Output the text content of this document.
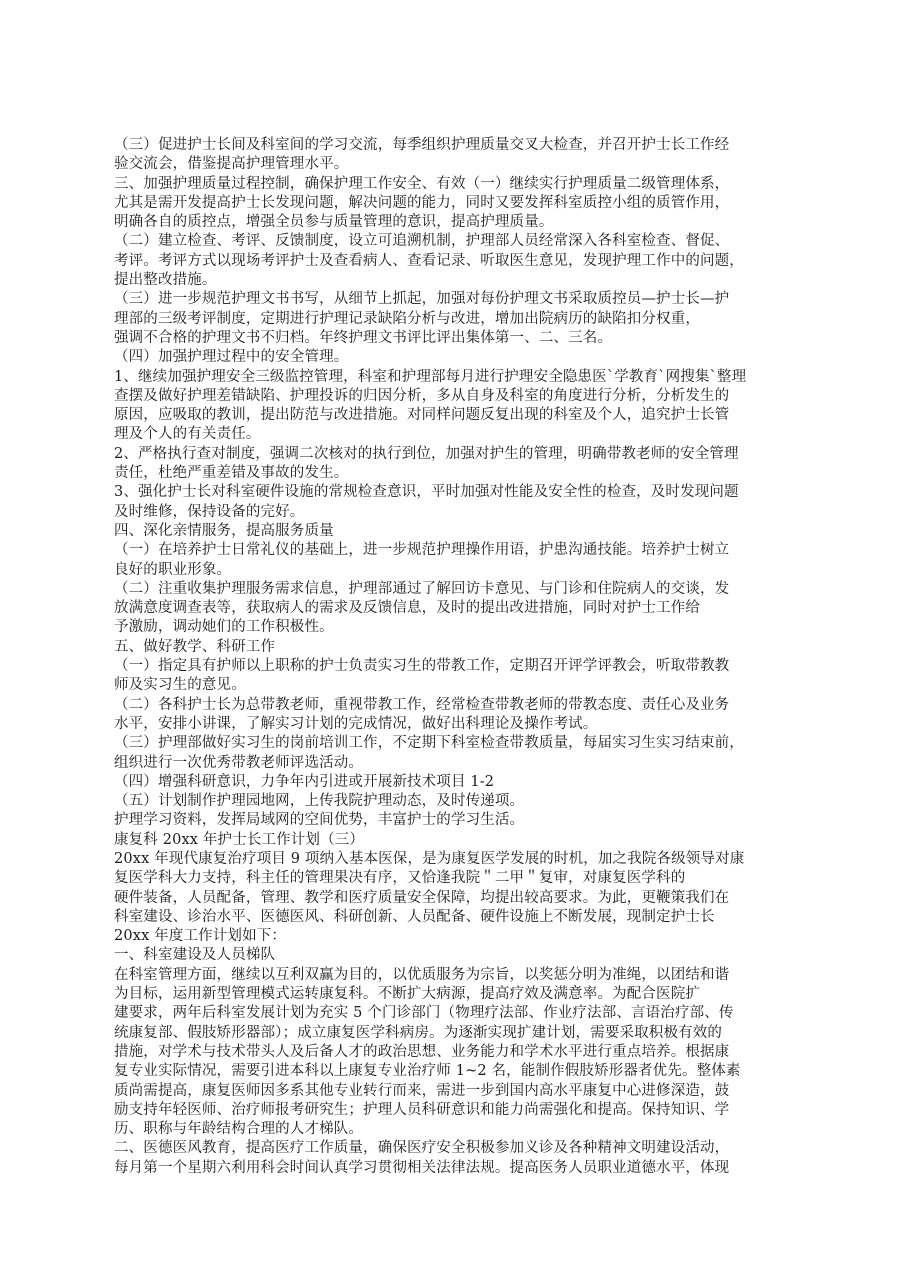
（三）促进护士长间及科室间的学习交流，每季组织护理质量交叉大检查，并召开护士长工作经
验交流会，借鉴提高护理管理水平。
三、加强护理质量过程控制，确保护理工作安全、有效（一）继续实行护理质量二级管理体系，
尤其是需开发提高护士长发现问题，解决问题的能力，同时又要发挥科室质控小组的质管作用，
明确各自的质控点，增强全员参与质量管理的意识，提高护理质量。
（二）建立检查、考评、反馈制度，设立可追溯机制，护理部人员经常深入各科室检查、督促、
考评。考评方式以现场考评护士及查看病人、查看记录、听取医生意见，发现护理工作中的问题，
提出整改措施。
（三）进一步规范护理文书书写，从细节上抓起，加强对每份护理文书采取质控员—护士长—护
理部的三级考评制度，定期进行护理记录缺陷分析与改进，增加出院病历的缺陷扣分权重，
强调不合格的护理文书不归档。年终护理文书评比评出集体第一、二、三名。
（四）加强护理过程中的安全管理。
1、继续加强护理安全三级监控管理，科室和护理部每月进行护理安全隐患医`学教育`网搜集`整理
查摆及做好护理差错缺陷、护理投诉的归因分析，多从自身及科室的角度进行分析，分析发生的
原因，应吸取的教训，提出防范与改进措施。对同样问题反复出现的科室及个人，追究护士长管
理及个人的有关责任。
2、严格执行查对制度，强调二次核对的执行到位，加强对护生的管理，明确带教老师的安全管理
责任，杜绝严重差错及事故的发生。
3、强化护士长对科室硬件设施的常规检查意识，平时加强对性能及安全性的检查，及时发现问题
及时维修，保持设备的完好。
四、深化亲情服务，提高服务质量
（一）在培养护士日常礼仪的基础上，进一步规范护理操作用语，护患沟通技能。培养护士树立
良好的职业形象。
（二）注重收集护理服务需求信息，护理部通过了解回访卡意见、与门诊和住院病人的交谈，发
放满意度调查表等，获取病人的需求及反馈信息，及时的提出改进措施，同时对护士工作给
予激励，调动她们的工作积极性。
五、做好教学、科研工作
（一）指定具有护师以上职称的护士负责实习生的带教工作，定期召开评学评教会，听取带教教
师及实习生的意见。
（二）各科护士长为总带教老师，重视带教工作，经常检查带教老师的带教态度、责任心及业务
水平，安排小讲课，了解实习计划的完成情况，做好出科理论及操作考试。
（三）护理部做好实习生的岗前培训工作，不定期下科室检查带教质量，每届实习生实习结束前，
组织进行一次优秀带教老师评选活动。
（四）增强科研意识，力争年内引进或开展新技术项目 1-2
（五）计划制作护理园地网，上传我院护理动态，及时传递项。
护理学习资料，发挥局域网的空间优势，丰富护士的学习生活。
康复科 20xx 年护士长工作计划（三）
20xx 年现代康复治疗项目 9 项纳入基本医保，是为康复医学发展的时机，加之我院各级领导对康
复医学科大力支持，科主任的管理果决有序，又恰逢我院＂二甲＂复审，对康复医学科的
硬件装备，人员配备，管理、教学和医疗质量安全保障，均提出较高要求。为此，更鞭策我们在
科室建设、诊治水平、医德医风、科研创新、人员配备、硬件设施上不断发展，现制定护士长
20xx 年度工作计划如下：
一、科室建设及人员梯队
在科室管理方面，继续以互利双赢为目的，以优质服务为宗旨，以奖惩分明为准绳，以团结和谐
为目标，运用新型管理模式运转康复科。不断扩大病源，提高疗效及满意率。为配合医院扩
建要求，两年后科室发展计划为充实 5 个门诊部门（物理疗法部、作业疗法部、言语治疗部、传
统康复部、假肢矫形器部）；成立康复医学科病房。为逐渐实现扩建计划，需要采取积极有效的
措施，对学术与技术带头人及后备人才的政治思想、业务能力和学术水平进行重点培养。根据康
复专业实际情况，需要引进本科以上康复专业治疗师 1~2 名，能制作假肢矫形器者优先。整体素
质尚需提高，康复医师因多系其他专业转行而来，需进一步到国内高水平康复中心进修深造，鼓
励支持年轻医师、治疗师报考研究生；护理人员科研意识和能力尚需强化和提高。保持知识、学
历、职称与年龄结构合理的人才梯队。
二、医德医风教育，提高医疗工作质量，确保医疗安全积极参加义诊及各种精神文明建设活动，
每月第一个星期六利用科会时间认真学习贯彻相关法律法规。提高医务人员职业道德水平，体现
